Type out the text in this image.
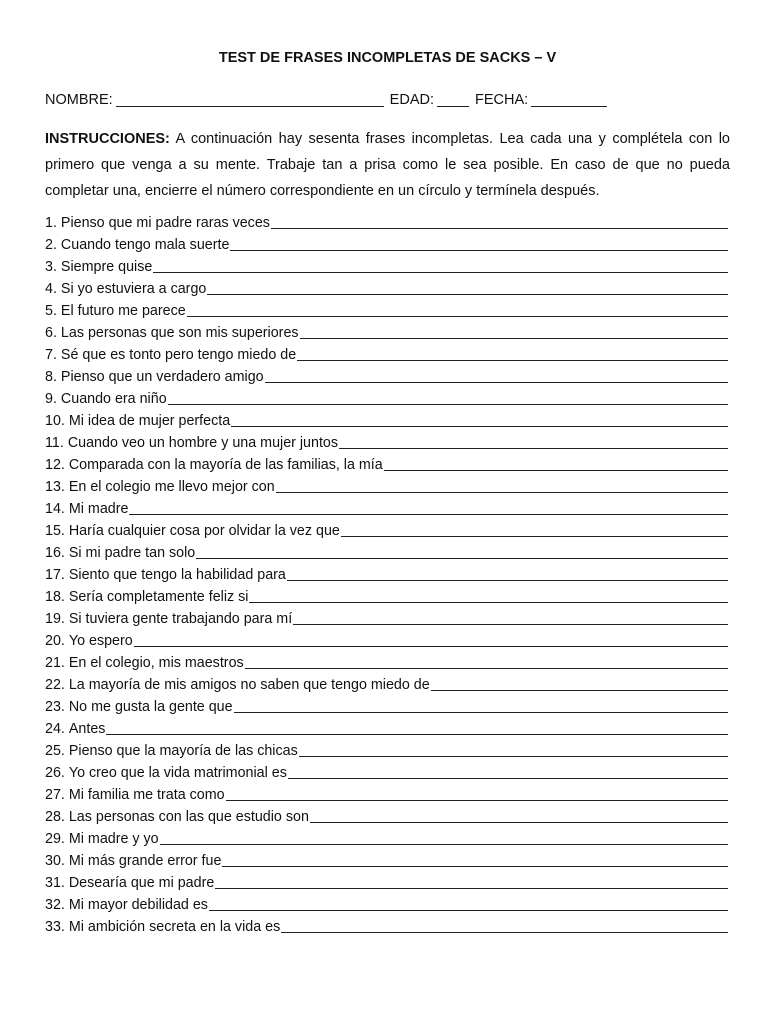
TEST DE FRASES INCOMPLETAS DE SACKS – V
NOMBRE:	EDAD:	FECHA:

INSTRUCCIONES: A continuación hay sesenta frases incompletas. Lea cada una y complétela con lo primero que venga a su mente. Trabaje tan a prisa como le sea posible. En caso de que no pueda completar una, encierre el número correspondiente en un círculo y termínela después.

1.
Pienso que mi padre raras veces
2.
Cuando tengo mala suerte
3.
Siempre quise
4.
Si yo estuviera a cargo
5.
El futuro me parece
6.
Las personas que son mis superiores
7.
Sé que es tonto pero tengo miedo de
8.
Pienso que un verdadero amigo
9.
Cuando era niño
10.
Mi idea de mujer perfecta
11.
Cuando veo un hombre y una mujer juntos
12.
Comparada con la mayoría de las familias, la mía
13.
En el colegio me llevo mejor con
14.
Mi madre
15.
Haría cualquier cosa por olvidar la vez que
16.
Si mi padre tan solo
17.
Siento que tengo la habilidad para
18.
Sería completamente feliz si
19.
Si tuviera gente trabajando para mí
20.
Yo espero
21.
En el colegio, mis maestros
22.
La mayoría de mis amigos no saben que tengo miedo de
23.
No me gusta la gente que
24.
Antes
25.
Pienso que la mayoría de las chicas
26.
Yo creo que la vida matrimonial es
27.
Mi familia me trata como
28.
Las personas con las que estudio son
29.
Mi madre y yo
30.
Mi más grande error fue
31.
Desearía que mi padre
32.
Mi mayor debilidad es
33.
Mi ambición secreta en la vida es
